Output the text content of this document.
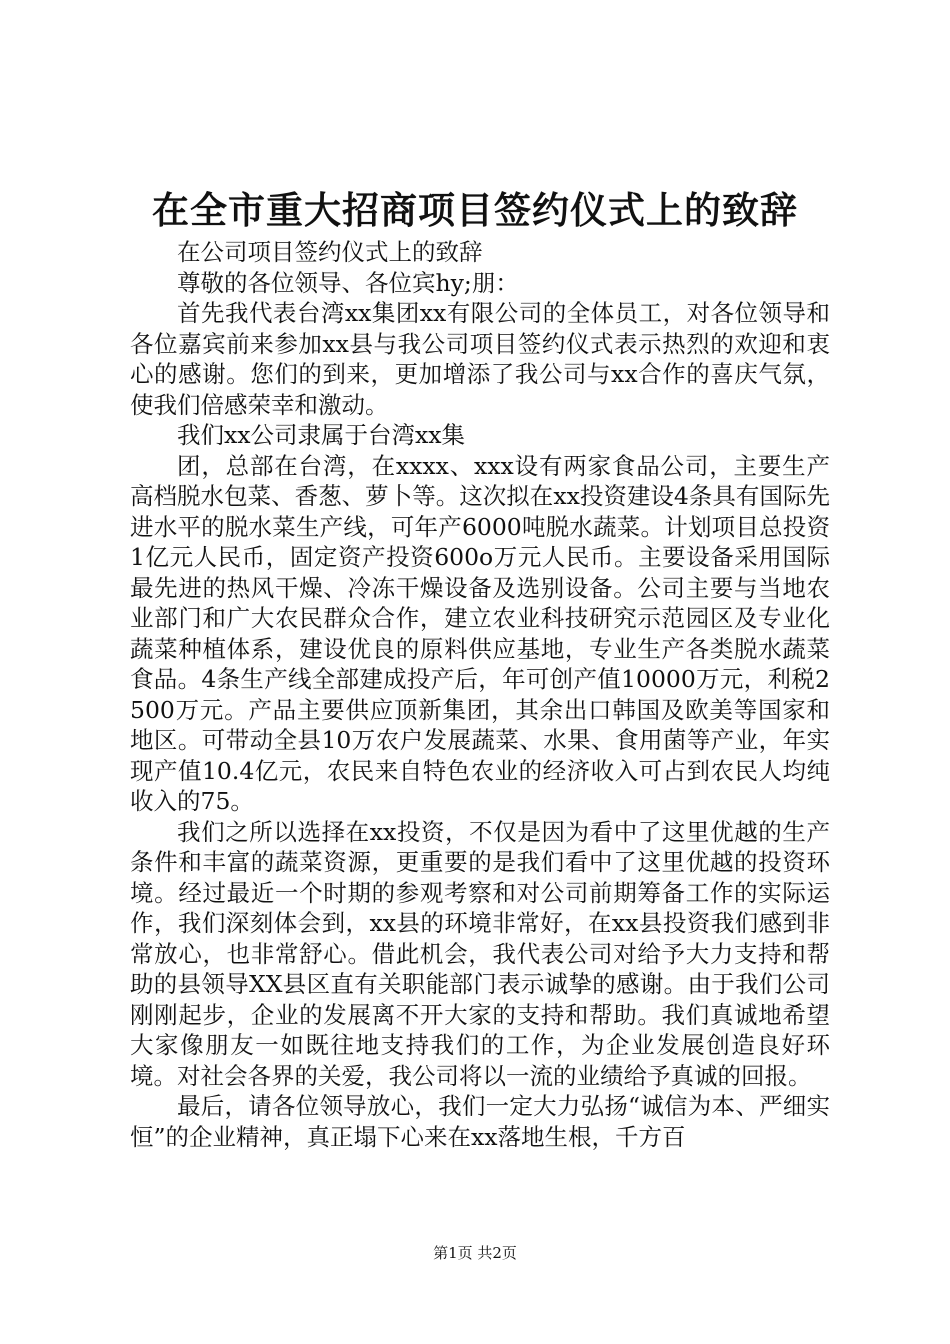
在全市重大招商项目签约仪式上的致辞

在公司项目签约仪式上的致辞

尊敬的各位领导、各位宾hy;朋：

首先我代表台湾xx集团xx有限公司的全体员工，对各位领导和各位嘉宾前来参加xx县与我公司项目签约仪式表示热烈的欢迎和衷心的感谢。您们的到来，更加增添了我公司与xx合作的喜庆气氛，使我们倍感荣幸和激动。

我们xx公司隶属于台湾xx集

团，总部在台湾，在xxxx、xxx设有两家食品公司，主要生产高档脱水包菜、香葱、萝卜等。这次拟在xx投资建设4条具有国际先进水平的脱水菜生产线，可年产6000吨脱水蔬菜。计划项目总投资1亿元人民币，固定资产投资600o万元人民币。主要设备采用国际最先进的热风干燥、冷冻干燥设备及选别设备。公司主要与当地农业部门和广大农民群众合作，建立农业科技研究示范园区及专业化蔬菜种植体系，建设优良的原料供应基地，专业生产各类脱水蔬菜食品。4条生产线全部建成投产后，年可创产值10000万元，利税2500万元。产品主要供应顶新集团，其余出口韩国及欧美等国家和地区。可带动全县10万农户发展蔬菜、水果、食用菌等产业，年实现产值10.4亿元，农民来自特色农业的经济收入可占到农民人均纯收入的75。

我们之所以选择在xx投资，不仅是因为看中了这里优越的生产条件和丰富的蔬菜资源，更重要的是我们看中了这里优越的投资环境。经过最近一个时期的参观考察和对公司前期筹备工作的实际运作，我们深刻体会到，xx县的环境非常好，在xx县投资我们感到非常放心，也非常舒心。借此机会，我代表公司对给予大力支持和帮助的县领导XX县区直有关职能部门表示诚挚的感谢。由于我们公司刚刚起步，企业的发展离不开大家的支持和帮助。我们真诚地希望大家像朋友一如既往地支持我们的工作，为企业发展创造良好环境。对社会各界的关爱，我公司将以一流的业绩给予真诚的回报。

最后，请各位领导放心，我们一定大力弘扬“诚信为本、严细实恒”的企业精神，真正塌下心来在xx落地生根，千方百

第1页 共2页
